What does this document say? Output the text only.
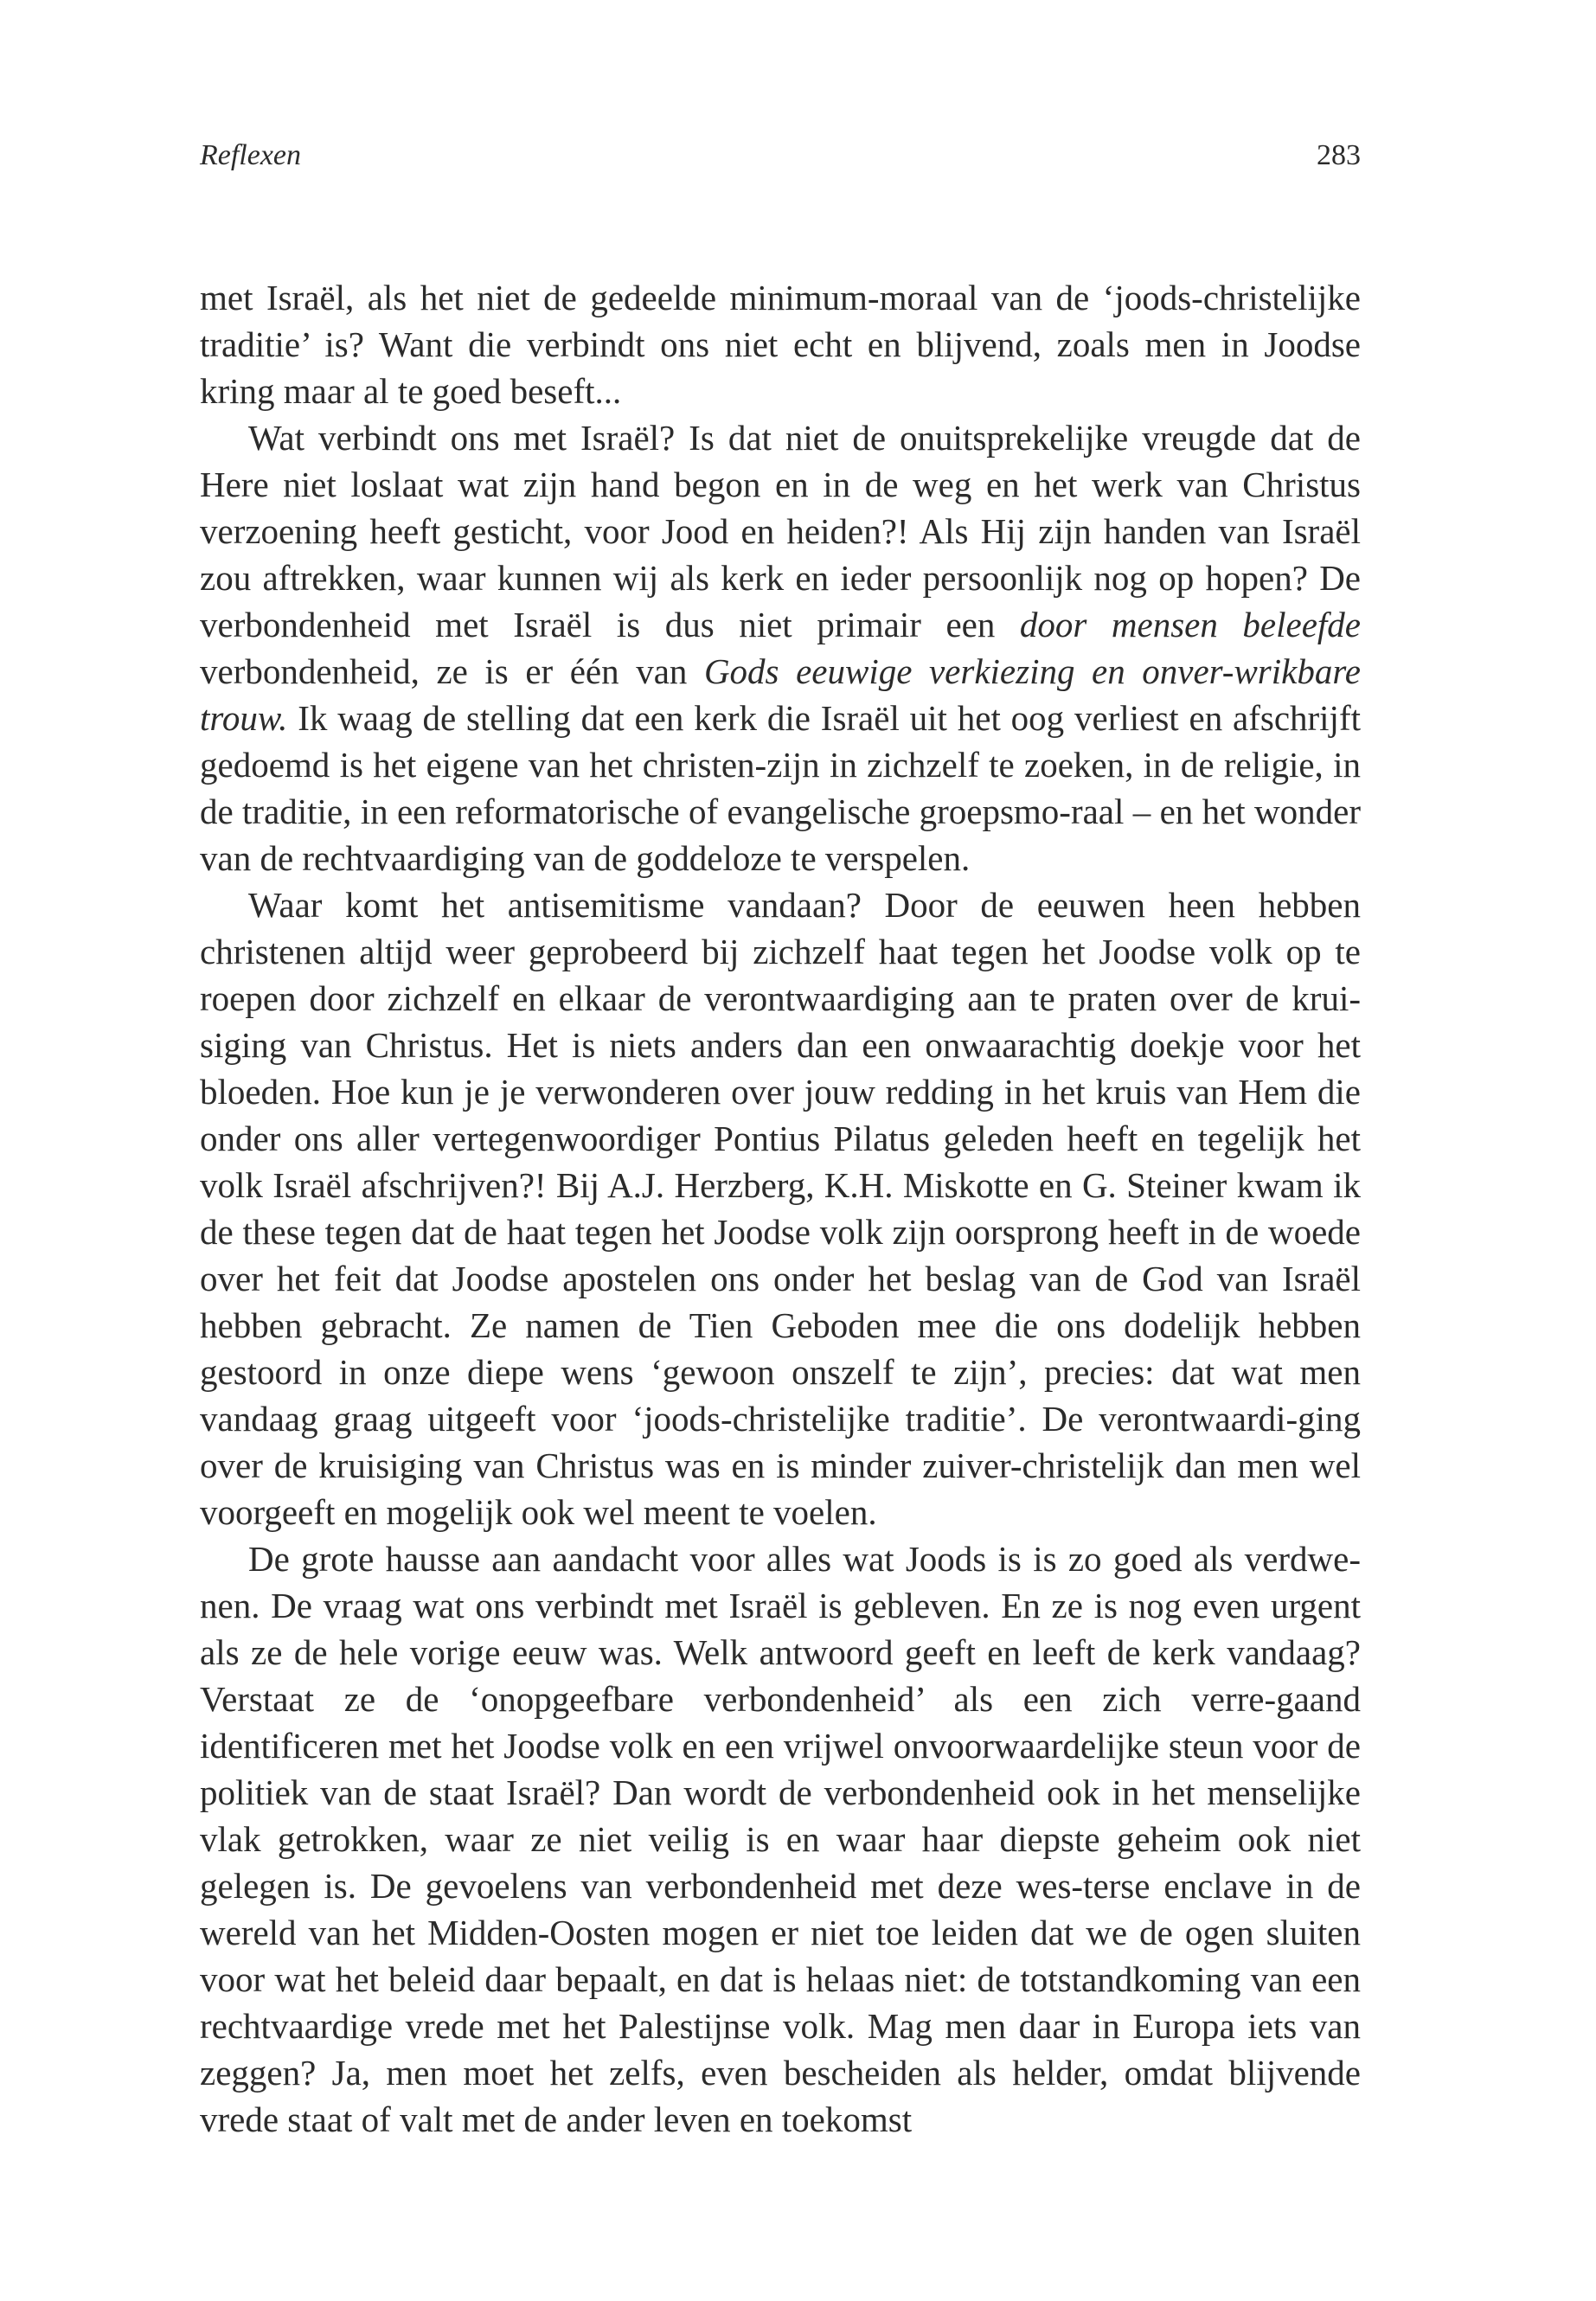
Reflexen	283

met Israël, als het niet de gedeelde minimum-moraal van de ‘joods-christelijke traditie’ is? Want die verbindt ons niet echt en blijvend, zoals men in Joodse kring maar al te goed beseft...

Wat verbindt ons met Israël? Is dat niet de onuitsprekelijke vreugde dat de Here niet loslaat wat zijn hand begon en in de weg en het werk van Christus verzoening heeft gesticht, voor Jood en heiden?! Als Hij zijn handen van Israël zou aftrekken, waar kunnen wij als kerk en ieder persoonlijk nog op hopen? De verbondenheid met Israël is dus niet primair een door mensen beleefde verbondenheid, ze is er één van Gods eeuwige verkiezing en onver-wrikbare trouw. Ik waag de stelling dat een kerk die Israël uit het oog verliest en afschrijft gedoemd is het eigene van het christen-zijn in zichzelf te zoeken, in de religie, in de traditie, in een reformatorische of evangelische groepsmo-raal – en het wonder van de rechtvaardiging van de goddeloze te verspelen.

Waar komt het antisemitisme vandaan? Door de eeuwen heen hebben christenen altijd weer geprobeerd bij zichzelf haat tegen het Joodse volk op te roepen door zichzelf en elkaar de verontwaardiging aan te praten over de krui-siging van Christus. Het is niets anders dan een onwaarachtig doekje voor het bloeden. Hoe kun je je verwonderen over jouw redding in het kruis van Hem die onder ons aller vertegenwoordiger Pontius Pilatus geleden heeft en tegelijk het volk Israël afschrijven?! Bij A.J. Herzberg, K.H. Miskotte en G. Steiner kwam ik de these tegen dat de haat tegen het Joodse volk zijn oorsprong heeft in de woede over het feit dat Joodse apostelen ons onder het beslag van de God van Israël hebben gebracht. Ze namen de Tien Geboden mee die ons dodelijk hebben gestoord in onze diepe wens ‘gewoon onszelf te zijn’, precies: dat wat men vandaag graag uitgeeft voor ‘joods-christelijke traditie’. De verontwaardi-ging over de kruisiging van Christus was en is minder zuiver-christelijk dan men wel voorgeeft en mogelijk ook wel meent te voelen.

De grote hausse aan aandacht voor alles wat Joods is is zo goed als verdwe-nen. De vraag wat ons verbindt met Israël is gebleven. En ze is nog even urgent als ze de hele vorige eeuw was. Welk antwoord geeft en leeft de kerk vandaag? Verstaat ze de ‘onopgeefbare verbondenheid’ als een zich verre-gaand identificeren met het Joodse volk en een vrijwel onvoorwaardelijke steun voor de politiek van de staat Israël? Dan wordt de verbondenheid ook in het menselijke vlak getrokken, waar ze niet veilig is en waar haar diepste geheim ook niet gelegen is. De gevoelens van verbondenheid met deze wes-terse enclave in de wereld van het Midden-Oosten mogen er niet toe leiden dat we de ogen sluiten voor wat het beleid daar bepaalt, en dat is helaas niet: de totstandkoming van een rechtvaardige vrede met het Palestijnse volk. Mag men daar in Europa iets van zeggen? Ja, men moet het zelfs, even bescheiden als helder, omdat blijvende vrede staat of valt met de ander leven en toekomst
